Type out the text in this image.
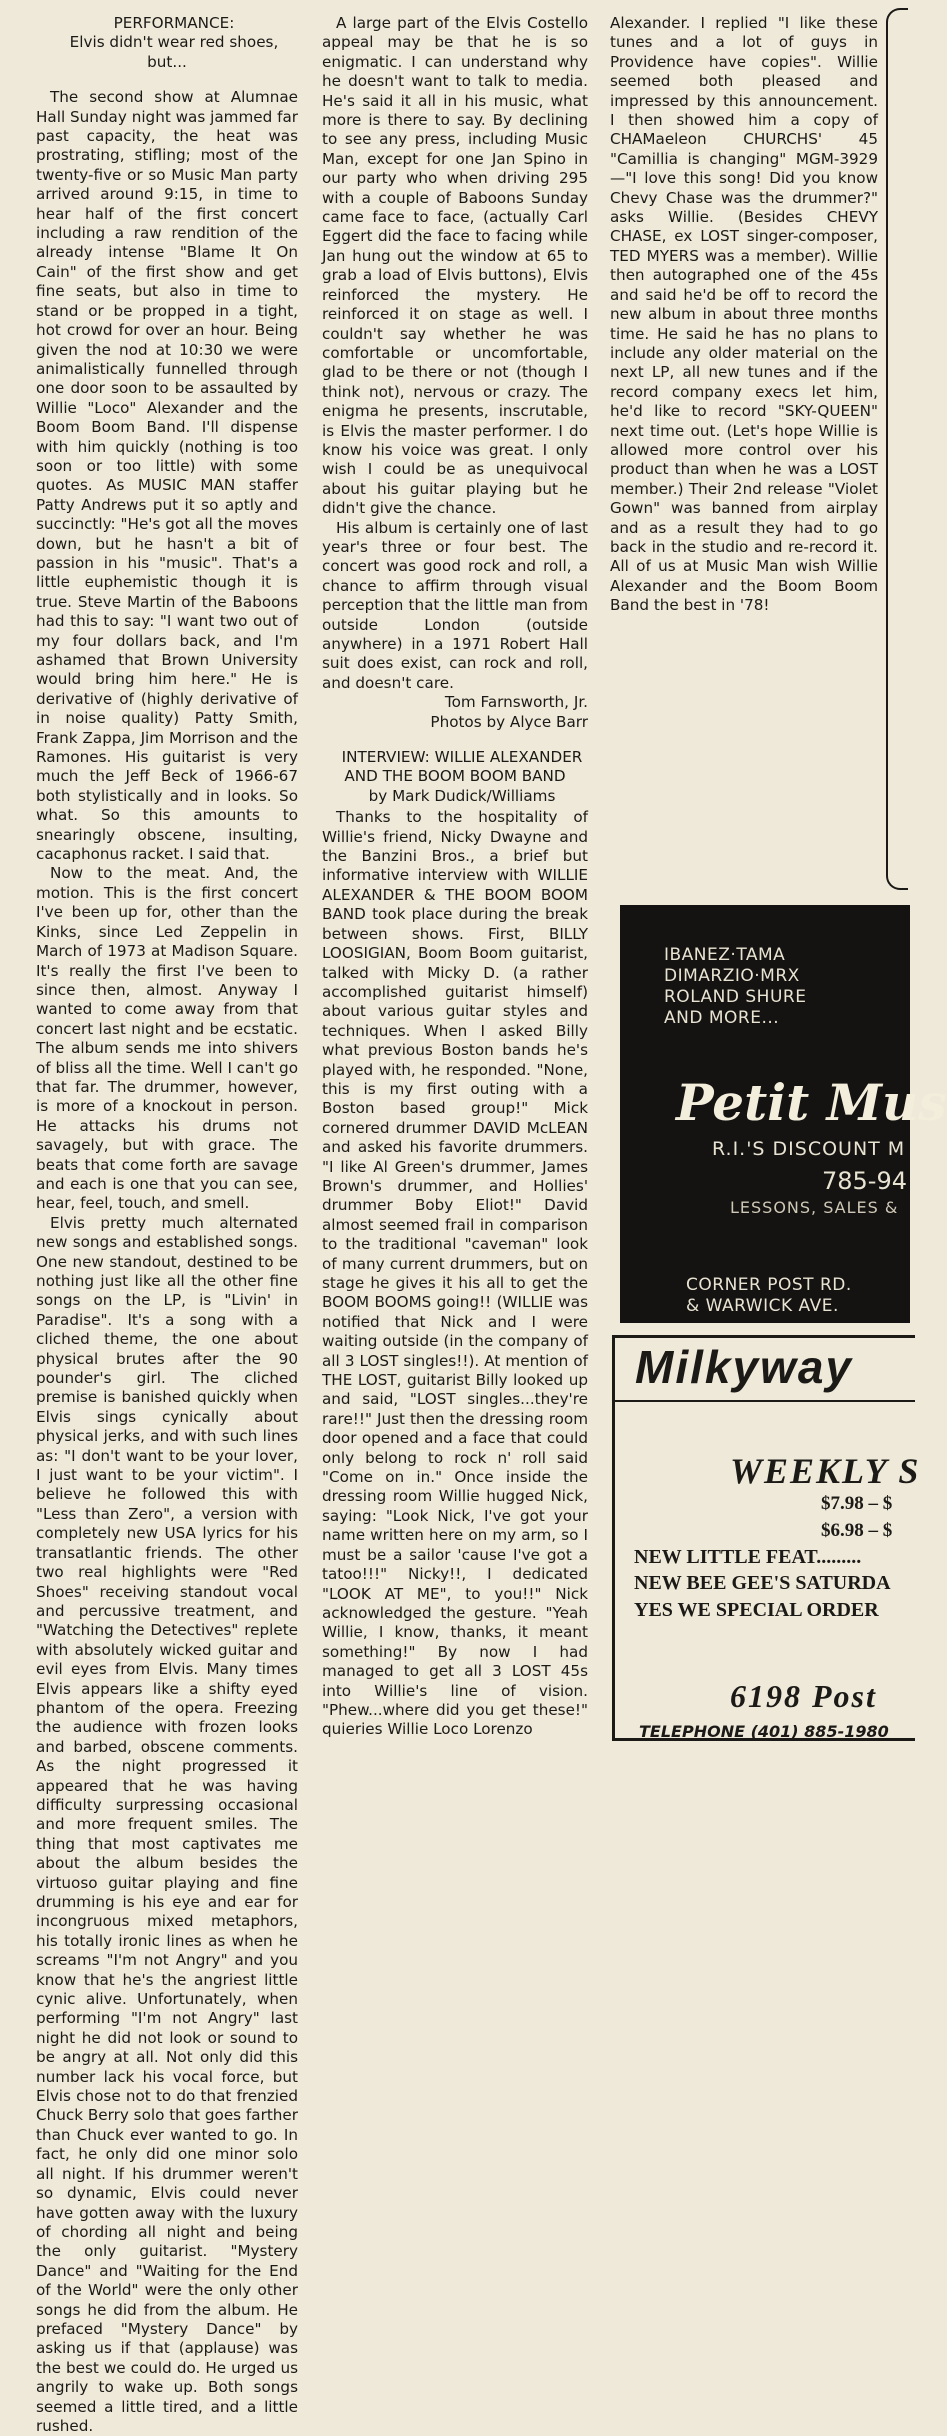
PERFORMANCE:

Elvis didn't wear red shoes, but...

The second show at Alumnae Hall Sunday night was jammed far past capacity, the heat was prostrating, stifling; most of the twenty-five or so Music Man party arrived around 9:15, in time to hear half of the first concert including a raw rendition of the already intense "Blame It On Cain" of the first show and get fine seats, but also in time to stand or be propped in a tight, hot crowd for over an hour. Being given the nod at 10:30 we were animalistically funnelled through one door soon to be assaulted by Willie "Loco" Alexander and the Boom Boom Band. I'll dispense with him quickly (nothing is too soon or too little) with some quotes. As MUSIC MAN staffer Patty Andrews put it so aptly and succinctly: "He's got all the moves down, but he hasn't a bit of passion in his "music". That's a little euphemistic though it is true. Steve Martin of the Baboons had this to say: "I want two out of my four dollars back, and I'm ashamed that Brown University would bring him here." He is derivative of (highly derivative of in noise quality) Patty Smith, Frank Zappa, Jim Morrison and the Ramones. His guitarist is very much the Jeff Beck of 1966-67 both stylistically and in looks. So what. So this amounts to snearingly obscene, insulting, cacaphonus racket. I said that.

Now to the meat. And, the motion. This is the first concert I've been up for, other than the Kinks, since Led Zeppelin in March of 1973 at Madison Square. It's really the first I've been to since then, almost. Anyway I wanted to come away from that concert last night and be ecstatic. The album sends me into shivers of bliss all the time. Well I can't go that far. The drummer, however, is more of a knockout in person. He attacks his drums not savagely, but with grace. The beats that come forth are savage and each is one that you can see, hear, feel, touch, and smell.

Elvis pretty much alternated new songs and established songs. One new standout, destined to be nothing just like all the other fine songs on the LP, is "Livin' in Paradise". It's a song with a cliched theme, the one about physical brutes after the 90 pounder's girl. The cliched premise is banished quickly when Elvis sings cynically about physical jerks, and with such lines as: "I don't want to be your lover, I just want to be your victim". I believe he followed this with "Less than Zero", a version with completely new USA lyrics for his transatlantic friends. The other two real highlights were "Red Shoes" receiving standout vocal and percussive treatment, and "Watching the Detectives" replete with absolutely wicked guitar and evil eyes from Elvis. Many times Elvis appears like a shifty eyed phantom of the opera. Freezing the audience with frozen looks and barbed, obscene comments. As the night progressed it appeared that he was having difficulty surpressing occasional and more frequent smiles. The thing that most captivates me about the album besides the virtuoso guitar playing and fine drumming is his eye and ear for incongruous mixed metaphors, his totally ironic lines as when he screams "I'm not Angry" and you know that he's the angriest little cynic alive. Unfortunately, when performing "I'm not Angry" last night he did not look or sound to be angry at all. Not only did this number lack his vocal force, but Elvis chose not to do that frenzied Chuck Berry solo that goes farther than Chuck ever wanted to go. In fact, he only did one minor solo all night. If his drummer weren't so dynamic, Elvis could never have gotten away with the luxury of chording all night and being the only guitarist. "Mystery Dance" and "Waiting for the End of the World" were the only other songs he did from the album. He prefaced "Mystery Dance" by asking us if that (applause) was the best we could do. He urged us angrily to wake up. Both songs seemed a little tired, and a little rushed.

A large part of the Elvis Costello appeal may be that he is so enigmatic. I can understand why he doesn't want to talk to media. He's said it all in his music, what more is there to say. By declining to see any press, including Music Man, except for one Jan Spino in our party who when driving 295 with a couple of Baboons Sunday came face to face, (actually Carl Eggert did the face to facing while Jan hung out the window at 65 to grab a load of Elvis buttons), Elvis reinforced the mystery. He reinforced it on stage as well. I couldn't say whether he was comfortable or uncomfortable, glad to be there or not (though I think not), nervous or crazy. The enigma he presents, inscrutable, is Elvis the master performer. I do know his voice was great. I only wish I could be as unequivocal about his guitar playing but he didn't give the chance.

His album is certainly one of last year's three or four best. The concert was good rock and roll, a chance to affirm through visual perception that the little man from outside London (outside anywhere) in a 1971 Robert Hall suit does exist, can rock and roll, and doesn't care.

Tom Farnsworth, Jr.

Photos by Alyce Barr

INTERVIEW: WILLIE ALEXANDER AND THE BOOM BOOM BAND

by Mark Dudick/Williams

Thanks to the hospitality of Willie's friend, Nicky Dwayne and the Banzini Bros., a brief but informative interview with WILLIE ALEXANDER & THE BOOM BOOM BAND took place during the break between shows. First, BILLY LOOSIGIAN, Boom Boom guitarist, talked with Micky D. (a rather accomplished guitarist himself) about various guitar styles and techniques. When I asked Billy what previous Boston bands he's played with, he responded. "None, this is my first outing with a Boston based group!" Mick cornered drummer DAVID McLEAN and asked his favorite drummers. "I like Al Green's drummer, James Brown's drummer, and Hollies' drummer Boby Eliot!" David almost seemed frail in comparison to the traditional "caveman" look of many current drummers, but on stage he gives it his all to get the BOOM BOOMS going!! (WILLIE was notified that Nick and I were waiting outside (in the company of all 3 LOST singles!!). At mention of THE LOST, guitarist Billy looked up and said, "LOST singles...they're rare!!" Just then the dressing room door opened and a face that could only belong to rock n' roll said "Come on in." Once inside the dressing room Willie hugged Nick, saying: "Look Nick, I've got your name written here on my arm, so I must be a sailor 'cause I've got a tatoo!!!" Nicky!!, I dedicated "LOOK AT ME", to you!!" Nick acknowledged the gesture. "Yeah Willie, I know, thanks, it meant something!" By now I had managed to get all 3 LOST 45s into Willie's line of vision. "Phew...where did you get these!" quieries Willie Loco Lorenzo

Alexander. I replied "I like these tunes and a lot of guys in Providence have copies". Willie seemed both pleased and impressed by this announcement. I then showed him a copy of CHAMaeleon CHURCHS' 45 "Camillia is changing" MGM-3929—"I love this song! Did you know Chevy Chase was the drummer?" asks Willie. (Besides CHEVY CHASE, ex LOST singer-composer, TED MYERS was a member). Willie then autographed one of the 45s and said he'd be off to record the new album in about three months time. He said he has no plans to include any older material on the next LP, all new tunes and if the record company execs let him, he'd like to record "SKY-QUEEN" next time out. (Let's hope Willie is allowed more control over his product than when he was a LOST member.) Their 2nd release "Violet Gown" was banned from airplay and as a result they had to go back in the studio and re-record it. All of us at Music Man wish Willie Alexander and the Boom Boom Band the best in '78!

IBANEZ·TAMA
DIMARZIO·MRX
ROLAND SHURE
AND MORE...
Petit Mus
R.I.'S DISCOUNT M
785-94
LESSONS, SALES &
CORNER POST RD.
& WARWICK AVE.
Milkyway
WEEKLY S
$7.98 – $
$6.98 – $
NEW LITTLE FEAT.........
NEW BEE GEE'S SATURDA
YES WE SPECIAL ORDER
6198 Post
TELEPHONE (401) 885-1980
